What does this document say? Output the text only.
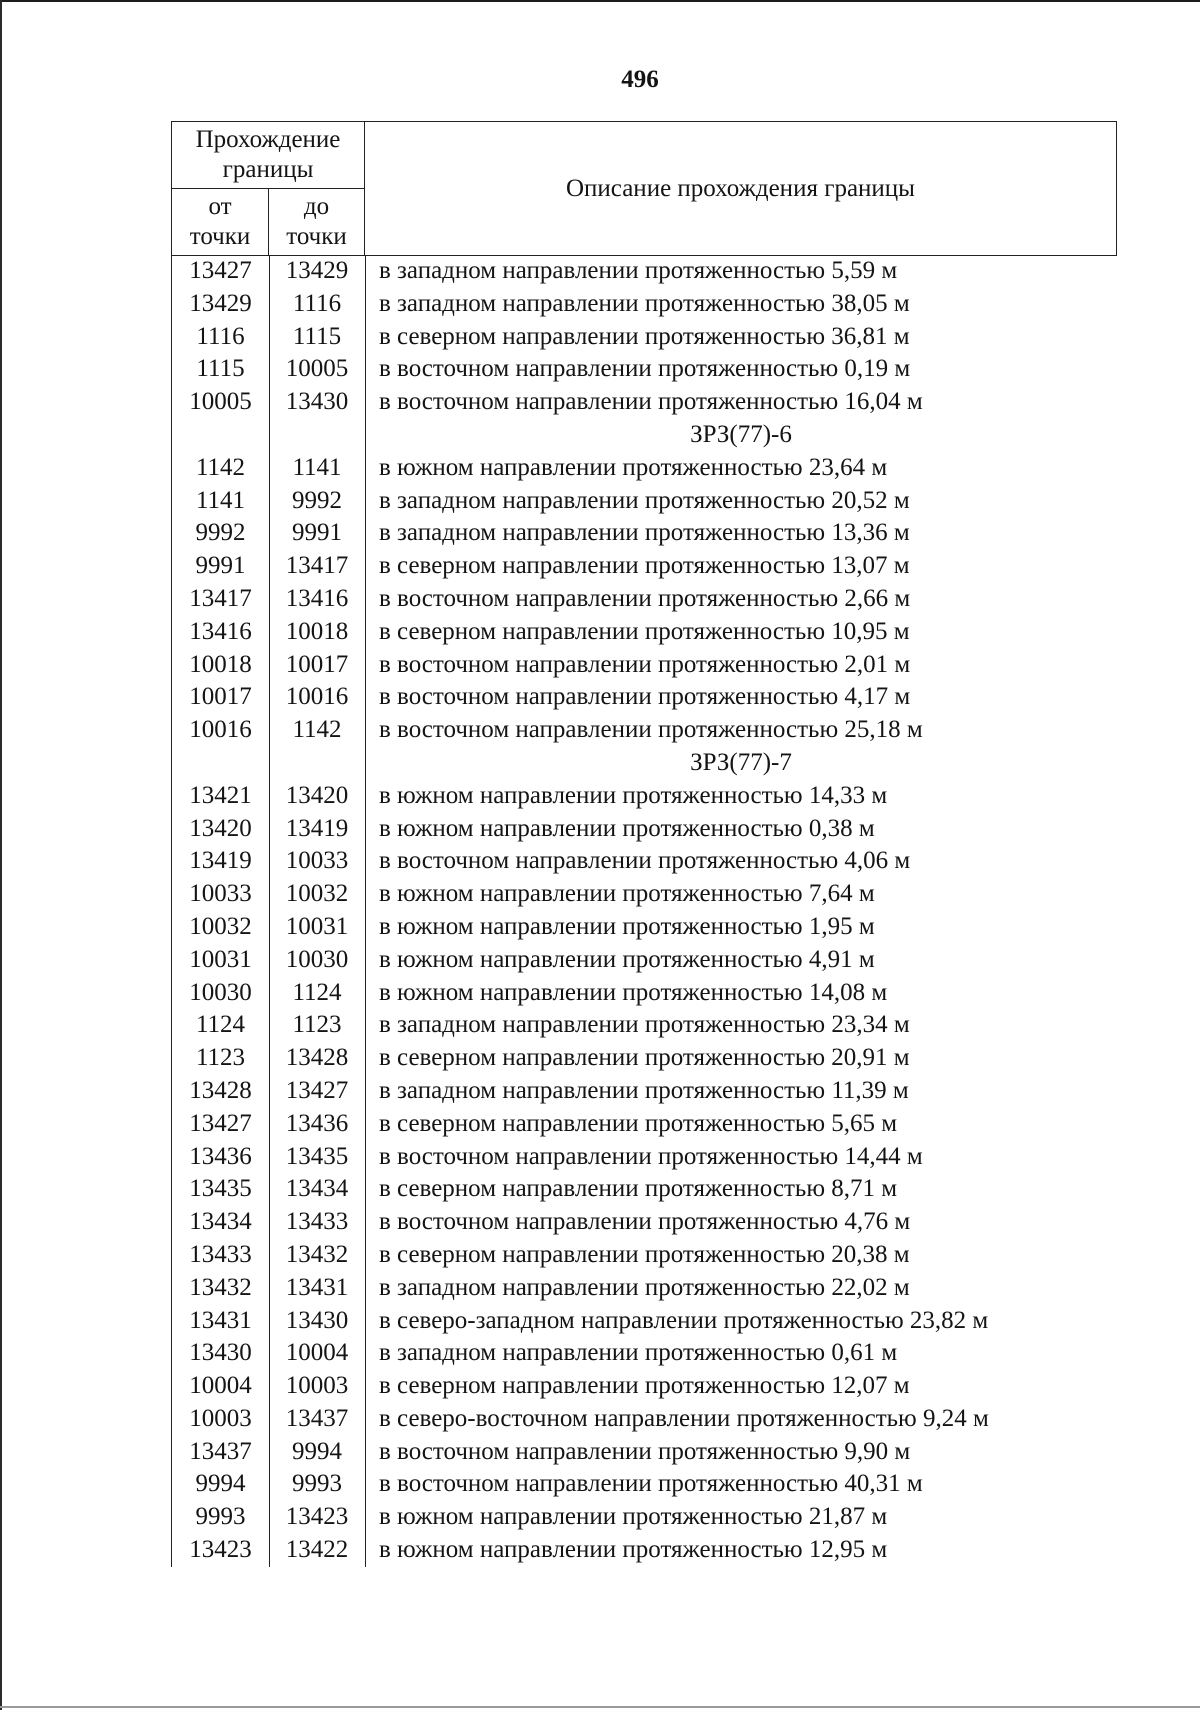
496
Прохождение границы		Описание прохождения границы
от точки	до точки	
13427	13429	в западном направлении протяженностью 5,59 м
13429	1116	в западном направлении протяженностью 38,05 м
1116	1115	в северном направлении протяженностью 36,81 м
1115	10005	в восточном направлении протяженностью 0,19 м
10005	13430	в восточном направлении протяженностью 16,04 м
ЗРЗ(77)-6
1142	1141	в южном направлении протяженностью 23,64 м
1141	9992	в западном направлении протяженностью 20,52 м
9992	9991	в западном направлении протяженностью 13,36 м
9991	13417	в северном направлении протяженностью 13,07 м
13417	13416	в восточном направлении протяженностью 2,66 м
13416	10018	в северном направлении протяженностью 10,95 м
10018	10017	в восточном направлении протяженностью 2,01 м
10017	10016	в восточном направлении протяженностью 4,17 м
10016	1142	в восточном направлении протяженностью 25,18 м
ЗРЗ(77)-7
13421	13420	в южном направлении протяженностью 14,33 м
13420	13419	в южном направлении протяженностью 0,38 м
13419	10033	в восточном направлении протяженностью 4,06 м
10033	10032	в южном направлении протяженностью 7,64 м
10032	10031	в южном направлении протяженностью 1,95 м
10031	10030	в южном направлении протяженностью 4,91 м
10030	1124	в южном направлении протяженностью 14,08 м
1124	1123	в западном направлении протяженностью 23,34 м
1123	13428	в северном направлении протяженностью 20,91 м
13428	13427	в западном направлении протяженностью 11,39 м
13427	13436	в северном направлении протяженностью 5,65 м
13436	13435	в восточном направлении протяженностью 14,44 м
13435	13434	в северном направлении протяженностью 8,71 м
13434	13433	в восточном направлении протяженностью 4,76 м
13433	13432	в северном направлении протяженностью 20,38 м
13432	13431	в западном направлении протяженностью 22,02 м
13431	13430	в северо-западном направлении протяженностью 23,82 м
13430	10004	в западном направлении протяженностью 0,61 м
10004	10003	в северном направлении протяженностью 12,07 м
10003	13437	в северо-восточном направлении протяженностью 9,24 м
13437	9994	в восточном направлении протяженностью 9,90 м
9994	9993	в восточном направлении протяженностью 40,31 м
9993	13423	в южном направлении протяженностью 21,87 м
13423	13422	в южном направлении протяженностью 12,95 м
